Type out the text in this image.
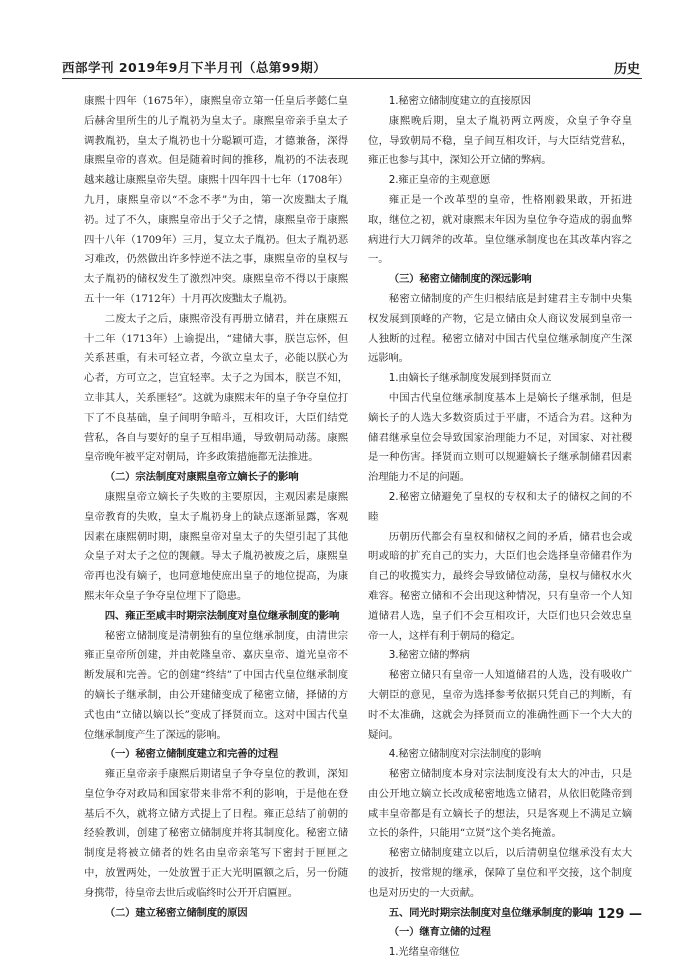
西部学刊 2019年9月下半月刊（总第99期）	历史

康熙十四年（1675年），康熙皇帝立第一任皇后孝懿仁皇后赫舍里所生的儿子胤礽为皇太子。康熙皇帝亲手皇太子调教胤礽，皇太子胤礽也十分聪颖可造，才德兼备，深得康熙皇帝的喜欢。但是随着时间的推移，胤礽的不法表现越来越让康熙皇帝失望。康熙十四年四十七年（1708年）九月，康熙皇帝以“不念不孝”为由，第一次废黜太子胤礽。过了不久，康熙皇帝出于父子之情，康熙皇帝于康熙四十八年（1709年）三月，复立太子胤礽。但太子胤礽恶习难改，仍然做出许多悖逆不法之事，康熙皇帝的皇权与太子胤礽的储权发生了激烈冲突。康熙皇帝不得以于康熙五十一年（1712年）十月再次废黜太子胤礽。

二废太子之后，康熙帝没有再册立储君，并在康熙五十二年（1713年）上谕提出，“建储大事，朕岂忘怀，但关系甚重，有未可轻立者，今欲立皇太子，必能以朕心为心者，方可立之，岂宜轻率。太子之为国本，朕岂不知，立非其人，关系匪轻”。这就为康熙末年的皇子争夺皇位打下了不良基础，皇子间明争暗斗，互相攻讦，大臣们结党营私，各自与要好的皇子互相串通，导致朝局动荡。康熙皇帝晚年被平定对朝局，许多政策措施都无法推进。

（二）宗法制度对康熙皇帝立嫡长子的影响

康熙皇帝立嫡长子失败的主要原因，主观因素是康熙皇帝教育的失败，皇太子胤礽身上的缺点逐渐显露，客观因素在康熙朝时期，康熙皇帝对皇太子的失望引起了其他众皇子对太子之位的觊觎。导太子胤礽被废之后，康熙皇帝再也没有嫡子，也同意地使庶出皇子的地位提高，为康熙末年众皇子争夺皇位埋下了隐患。

四、雍正至咸丰时期宗法制度对皇位继承制度的影响

秘密立储制度是清朝独有的皇位继承制度，由清世宗雍正皇帝所创建，并由乾隆皇帝、嘉庆皇帝、道光皇帝不断发展和完善。它的创建“终结”了中国古代皇位继承制度的嫡长子继承制，由公开建储变成了秘密立储，择储的方式也由“立储以嫡以长”变成了择贤而立。这对中国古代皇位继承制度产生了深远的影响。

（一）秘密立储制度建立和完善的过程

雍正皇帝亲手康熙后期诸皇子争夺皇位的教训，深知皇位争夺对政局和国家带来非常不利的影响，于是他在登基后不久，就将立储方式提上了日程。雍正总结了前朝的经验教训，创建了秘密立储制度并将其制度化。秘密立储制度是将被立储者的姓名由皇帝亲笔写下密封于匣匣之中，放置两处，一处放置于正大光明匾额之后，另一份随身携带，待皇帝去世后或临终时公开开启匾匣。

（二）建立秘密立储制度的原因

1.秘密立储制度建立的直接原因

康熙晚后期，皇太子胤礽两立两废，众皇子争夺皇位，导致朝局不稳，皇子间互相攻讦，与大臣结党营私，雍正也参与其中，深知公开立储的弊病。

2.雍正皇帝的主观意愿

雍正是一个改革型的皇帝，性格刚毅果敢，开拓进取，继位之初，就对康熙末年因为皇位争夺造成的弱血弊病进行大刀阔斧的改革。皇位继承制度也在其改革内容之一。

（三）秘密立储制度的深远影响

秘密立储制度的产生归根结底是封建君主专制中央集权发展到顶峰的产物，它是立储由众人商议发展到皇帝一人独断的过程。秘密立储对中国古代皇位继承制度产生深远影响。

1.由嫡长子继承制度发展到择贤而立

中国古代皇位继承制度基本上是嫡长子继承制，但是嫡长子的人选大多数资质过于平庸，不适合为君。这种为储君继承皇位会导致国家治理能力不足，对国家、对社稷是一种伤害。择贤而立则可以规避嫡长子继承制储君因素治理能力不足的问题。

2.秘密立储避免了皇权的专权和太子的储权之间的不睦

历朝历代都会有皇权和储权之间的矛盾，储君也会或明或暗的扩充自己的实力，大臣们也会选择皇帝储君作为自己的收揽实力，最终会导致储位动荡，皇权与储权水火难容。秘密立储和不会出现这种情况，只有皇帝一个人知道储君人选，皇子们不会互相攻讦，大臣们也只会效忠皇帝一人，这样有利于朝局的稳定。

3.秘密立储的弊病

秘密立储只有皇帝一人知道储君的人选，没有吸收广大朝臣的意见，皇帝为选择参考依据只凭自己的判断，有时不太准确，这就会为择贤而立的准确性画下一个大大的疑问。

4.秘密立储制度对宗法制度的影响

秘密立储制度本身对宗法制度没有太大的冲击，只是由公开地立嫡立长改成秘密地选立储君，从依旧乾隆帝到咸丰皇帝都是有立嫡长子的想法，只是客观上不满足立嫡立长的条件，只能用“立贤”这个美名掩盖。

秘密立储制度建立以后，以后清朝皇位继承没有太大的波折，按常规的继承，保障了皇位和平交接，这个制度也是对历史的一大贡献。

五、同光时期宗法制度对皇位继承制度的影响

（一）继育立储的过程

1.光绪皇帝继位

— 129 —
